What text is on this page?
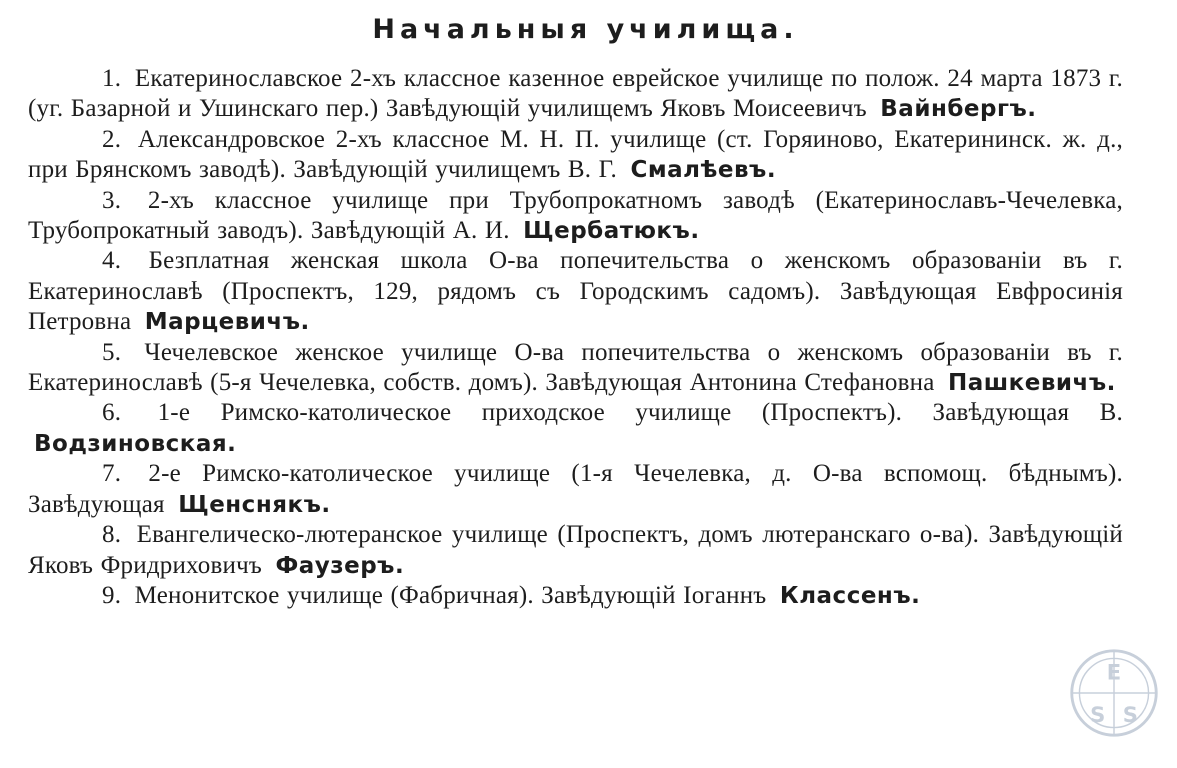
Начальныя училища.

1. Екатеринославское 2-хъ классное казенное еврейское училище по полож. 24 марта 1873 г. (уг. Базарной и Ушинскаго пер.) Завѣдующій училищемъ Яковъ Моисеевичъ Вайнбергъ.

2. Александровское 2-хъ классное М. Н. П. училище (ст. Горяиново, Екатерининск. ж. д., при Брянскомъ заводѣ). Завѣдующій училищемъ В. Г. Смалѣевъ.

3. 2-хъ классное училище при Трубопрокатномъ заводѣ (Екатеринославъ-Чечелевка, Трубопрокатный заводъ). Завѣдующій А. И. Щербатюкъ.

4. Безплатная женская школа О-ва попечительства о женскомъ образованіи въ г. Екатеринославѣ (Проспектъ, 129, рядомъ съ Городскимъ садомъ). Завѣдующая Евфросинія Петровна Марцевичъ.

5. Чечелевское женское училище О-ва попечительства о женскомъ образованіи въ г. Екатеринославѣ (5-я Чечелевка, собств. домъ). Завѣдующая Антонина Стефановна Пашкевичъ.

6. 1-е Римско-католическое приходское училище (Проспектъ). Завѣдующая В. Водзиновская.

7. 2-е Римско-католическое училище (1-я Чечелевка, д. О-ва вспомощ. бѣднымъ). Завѣдующая Щенснякъ.

8. Евангелическо-лютеранское училище (Проспектъ, домъ лютеранскаго о-ва). Завѣдующій Яковъ Фридриховичъ Фаузеръ.

9. Менонитское училище (Фабричная). Завѣдующій Іоганнъ Классенъ.

E
S S
